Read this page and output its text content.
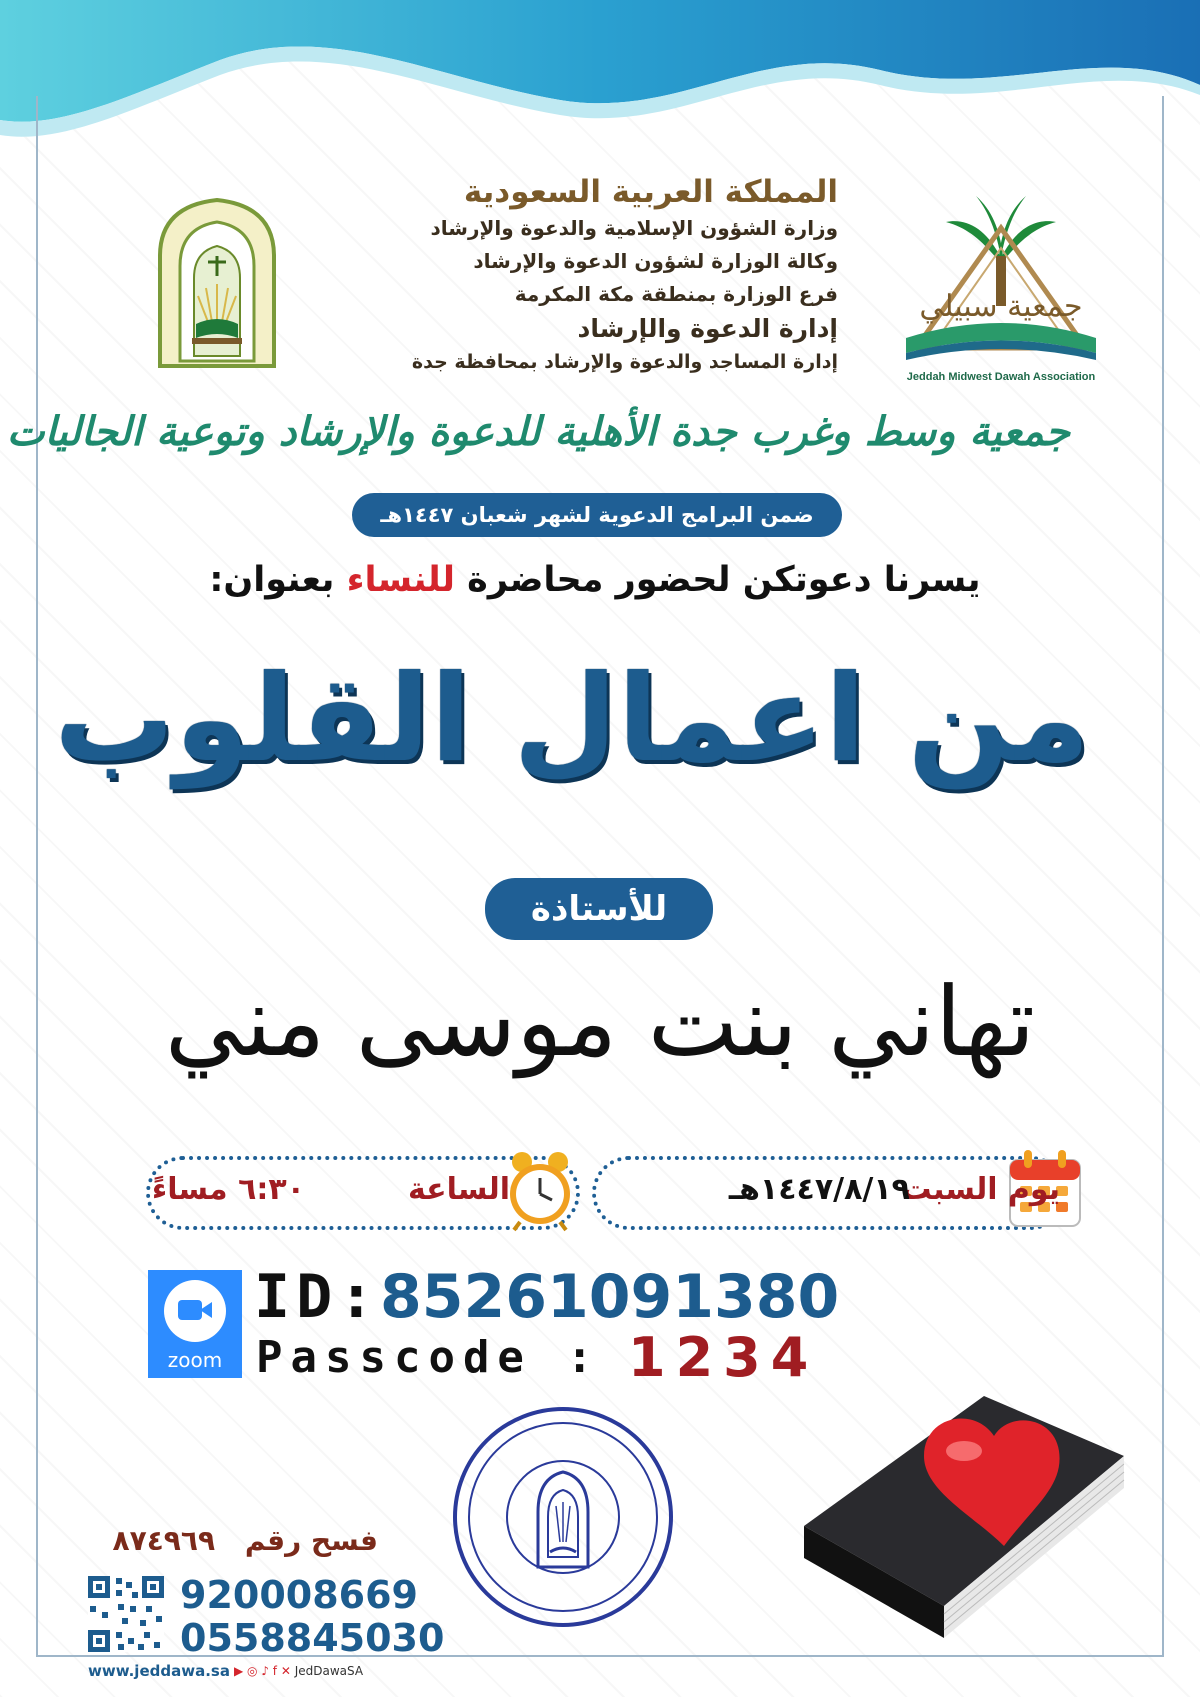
جمعية سبيلي
Jeddah Midwest Dawah Association
المملكة العربية السعودية
وزارة الشؤون الإسلامية والدعوة والإرشاد
وكالة الوزارة لشؤون الدعوة والإرشاد
فرع الوزارة بمنطقة مكة المكرمة
إدارة الدعوة والإرشاد
إدارة المساجد والدعوة والإرشاد بمحافظة جدة
جمعية وسط وغرب جدة الأهلية للدعوة والإرشاد وتوعية الجاليات
ضمن البرامج الدعوية لشهر شعبان ١٤٤٧هـ
يسرنا دعوتكن لحضور محاضرة للنساء بعنوان:
من اعمال القلوب
للأستاذة
تهاني بنت موسى مني
يوم السبت
١٤٤٧/٨/١٩هـ
الساعة
٦:٣٠ مساءً
zoom
ID: 85261091380
Passcode : 1234
فسح رقم ٨٧٤٩٦٩
920008669
0558845030
www.jeddawa.sa ▶ ◎ ♪ f ✕ JedDawaSA
